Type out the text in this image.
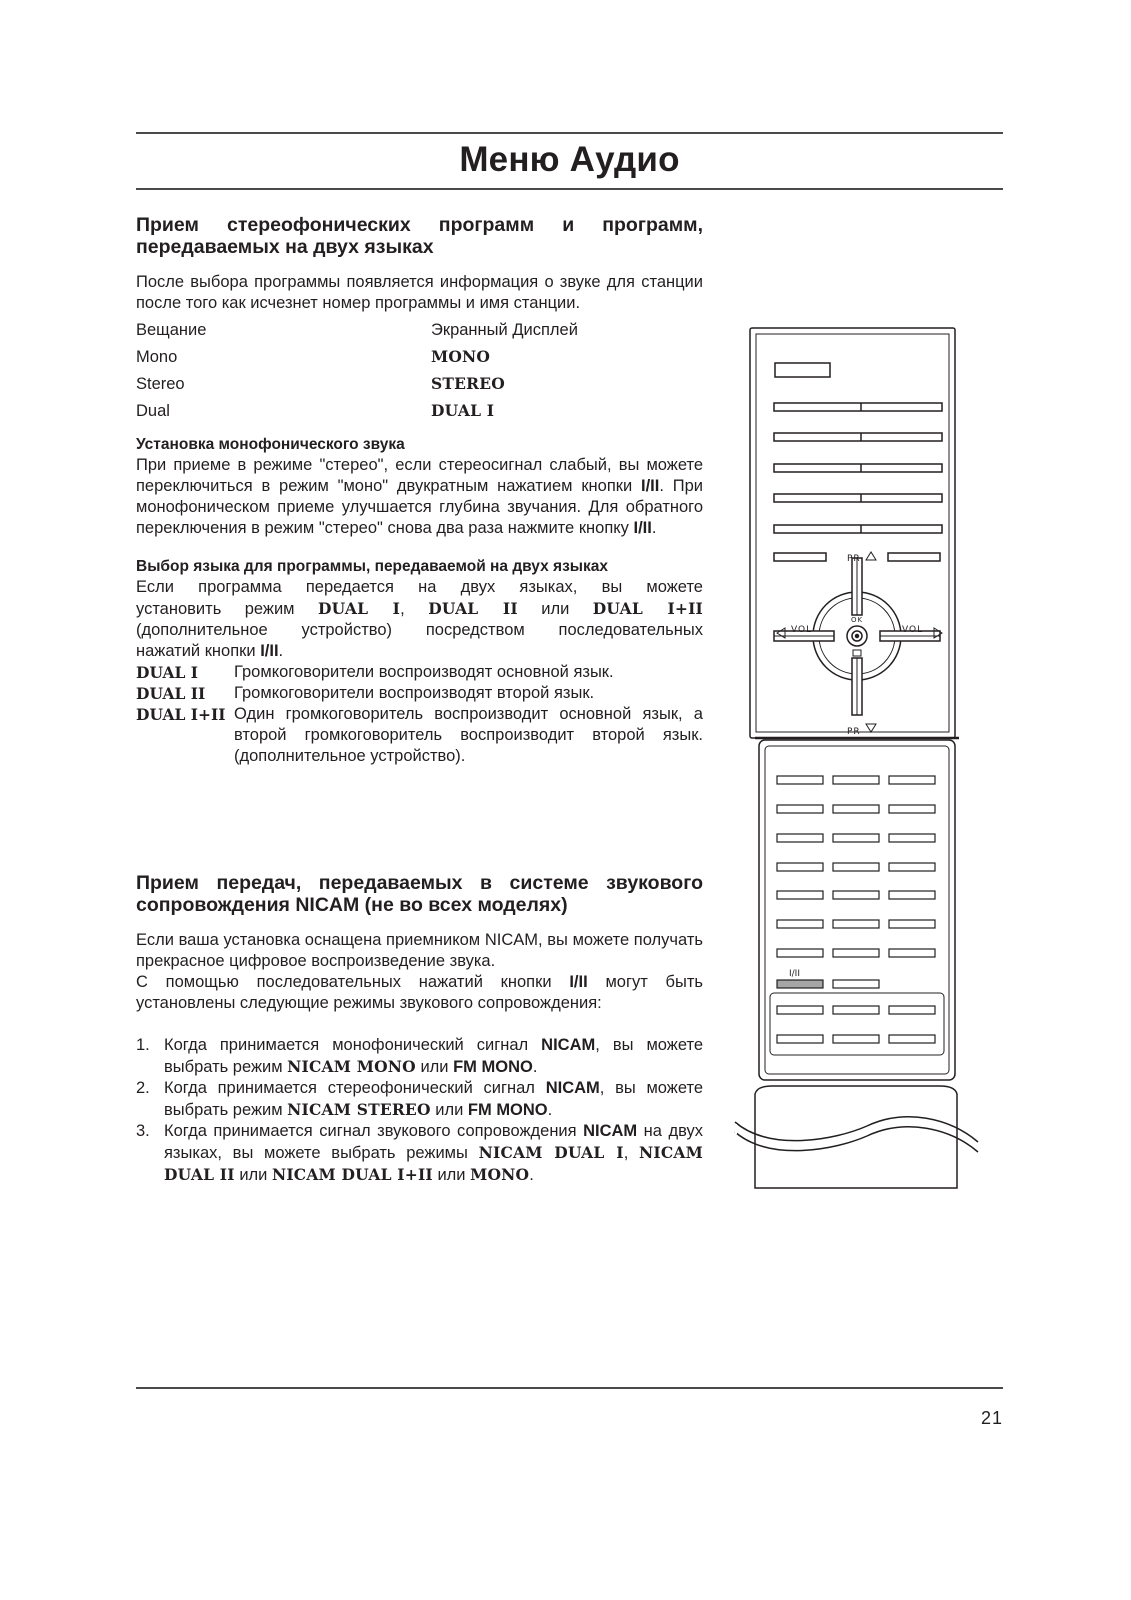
Меню Аудио
Прием стереофонических программ и программ, передаваемых на двух языках

После выбора программы появляется информация о звуке для станции после того как исчезнет номер программы и имя станции.

Вещание	Экранный Дисплей
Mono	MONO
Stereo	STEREO
Dual	DUAL I
Установка монофонического звука

При приеме в режиме "стерео", если стереосигнал слабый, вы можете переключиться в режим "моно" двукратным нажатием кнопки I/II. При монофоническом приеме улучшается глубина звучания. Для обратного переключения в режим "стерео" снова два раза нажмите кнопку I/II.

Выбор языка для программы, передаваемой на двух языках

Если программа передается на двух языках, вы можете

установить режим DUAL I, DUAL II или DUAL I+II

(дополнительное устройство) посредством последовательных

нажатий кнопки I/II.

DUAL I	Громкоговорители воспроизводят основной язык.
DUAL II	Громкоговорители воспроизводят второй язык.
DUAL I+II Один громкоговоритель воспроизводит основной язык, а второй громкоговоритель воспроизводит второй язык. (дополнительное устройство).
Прием передач, передаваемых в системе звукового сопровождения NICAM (не во всех моделях)

Если ваша установка оснащена приемником NICAM, вы можете получать прекрасное цифровое воспроизведение звука.

С помощью последовательных нажатий кнопки I/II могут быть установлены следующие режимы звукового сопровождения:

1. Когда принимается монофонический сигнал NICAM, вы можете выбрать режим NICAM MONO или FM MONO.
2. Когда принимается стереофонический сигнал NICAM, вы можете выбрать режим NICAM STEREO или FM MONO.
3. Когда принимается сигнал звукового сопровождения NICAM на двух языках, вы можете выбрать режимы NICAM DUAL I, NICAM DUAL II или NICAM DUAL I+II или MONO.
PR
PR
VOL	VOL
OK
I/II

21
